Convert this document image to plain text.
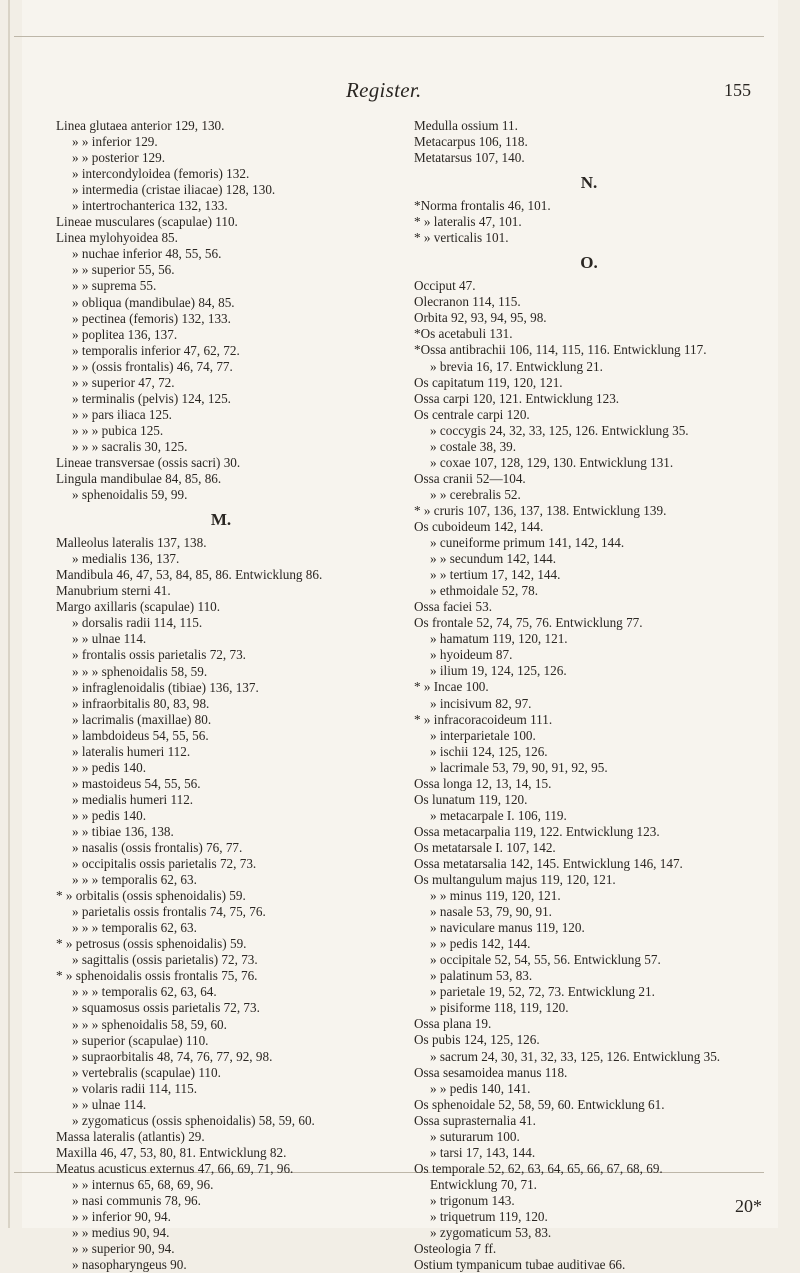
Register.	155
Linea glutaea anterior 129, 130.
» » inferior 129.
» » posterior 129.
» intercondyloidea (femoris) 132.
» intermedia (cristae iliacae) 128, 130.
» intertrochanterica 132, 133.
Lineae musculares (scapulae) 110.
Linea mylohyoidea 85.
» nuchae inferior 48, 55, 56.
» » superior 55, 56.
» » suprema 55.
» obliqua (mandibulae) 84, 85.
» pectinea (femoris) 132, 133.
» poplitea 136, 137.
» temporalis inferior 47, 62, 72.
» » (ossis frontalis) 46, 74, 77.
» » superior 47, 72.
» terminalis (pelvis) 124, 125.
» » pars iliaca 125.
» » » pubica 125.
» » » sacralis 30, 125.
Lineae transversae (ossis sacri) 30.
Lingula mandibulae 84, 85, 86.
» sphenoidalis 59, 99.
M.
Malleolus lateralis 137, 138.
» medialis 136, 137.
Mandibula 46, 47, 53, 84, 85, 86. Entwicklung 86.
Manubrium sterni 41.
Margo axillaris (scapulae) 110.
» dorsalis radii 114, 115.
» » ulnae 114.
» frontalis ossis parietalis 72, 73.
» » » sphenoidalis 58, 59.
» infraglenoidalis (tibiae) 136, 137.
» infraorbitalis 80, 83, 98.
» lacrimalis (maxillae) 80.
» lambdoideus 54, 55, 56.
» lateralis humeri 112.
» » pedis 140.
» mastoideus 54, 55, 56.
» medialis humeri 112.
» » pedis 140.
» » tibiae 136, 138.
» nasalis (ossis frontalis) 76, 77.
» occipitalis ossis parietalis 72, 73.
» » » temporalis 62, 63.
* » orbitalis (ossis sphenoidalis) 59.
» parietalis ossis frontalis 74, 75, 76.
» » » temporalis 62, 63.
* » petrosus (ossis sphenoidalis) 59.
» sagittalis (ossis parietalis) 72, 73.
* » sphenoidalis ossis frontalis 75, 76.
» » » temporalis 62, 63, 64.
» squamosus ossis parietalis 72, 73.
» » » sphenoidalis 58, 59, 60.
» superior (scapulae) 110.
» supraorbitalis 48, 74, 76, 77, 92, 98.
» vertebralis (scapulae) 110.
» volaris radii 114, 115.
» » ulnae 114.
» zygomaticus (ossis sphenoidalis) 58, 59, 60.
Massa lateralis (atlantis) 29.
Maxilla 46, 47, 53, 80, 81. Entwicklung 82.
Meatus acusticus externus 47, 66, 69, 71, 96.
» » internus 65, 68, 69, 96.
» nasi communis 78, 96.
» » inferior 90, 94.
» » medius 90, 94.
» » superior 90, 94.
» nasopharyngeus 90.
Medulla ossium 11.
Metacarpus 106, 118.
Metatarsus 107, 140.
N.
*Norma frontalis 46, 101.
* » lateralis 47, 101.
* » verticalis 101.
O.
Occiput 47.
Olecranon 114, 115.
Orbita 92, 93, 94, 95, 98.
*Os acetabuli 131.
*Ossa antibrachii 106, 114, 115, 116. Entwicklung 117.
» brevia 16, 17. Entwicklung 21.
Os capitatum 119, 120, 121.
Ossa carpi 120, 121. Entwicklung 123.
Os centrale carpi 120.
» coccygis 24, 32, 33, 125, 126. Entwicklung 35.
» costale 38, 39.
» coxae 107, 128, 129, 130. Entwicklung 131.
Ossa cranii 52—104.
» » cerebralis 52.
* » cruris 107, 136, 137, 138. Entwicklung 139.
Os cuboideum 142, 144.
» cuneiforme primum 141, 142, 144.
» » secundum 142, 144.
» » tertium 17, 142, 144.
» ethmoidale 52, 78.
Ossa faciei 53.
Os frontale 52, 74, 75, 76. Entwicklung 77.
» hamatum 119, 120, 121.
» hyoideum 87.
» ilium 19, 124, 125, 126.
* » Incae 100.
» incisivum 82, 97.
* » infracoracoideum 111.
» interparietale 100.
» ischii 124, 125, 126.
» lacrimale 53, 79, 90, 91, 92, 95.
Ossa longa 12, 13, 14, 15.
Os lunatum 119, 120.
» metacarpale I. 106, 119.
Ossa metacarpalia 119, 122. Entwicklung 123.
Os metatarsale I. 107, 142.
Ossa metatarsalia 142, 145. Entwicklung 146, 147.
Os multangulum majus 119, 120, 121.
» » minus 119, 120, 121.
» nasale 53, 79, 90, 91.
» naviculare manus 119, 120.
» » pedis 142, 144.
» occipitale 52, 54, 55, 56. Entwicklung 57.
» palatinum 53, 83.
» parietale 19, 52, 72, 73. Entwicklung 21.
» pisiforme 118, 119, 120.
Ossa plana 19.
Os pubis 124, 125, 126.
» sacrum 24, 30, 31, 32, 33, 125, 126. Entwicklung 35.
Ossa sesamoidea manus 118.
» » pedis 140, 141.
Os sphenoidale 52, 58, 59, 60. Entwicklung 61.
Ossa suprasternalia 41.
» suturarum 100.
» tarsi 17, 143, 144.
Os temporale 52, 62, 63, 64, 65, 66, 67, 68, 69.
Entwicklung 70, 71.
» trigonum 143.
» triquetrum 119, 120.
» zygomaticum 53, 83.
Osteologia 7 ff.
Ostium tympanicum tubae auditivae 66.
20*
